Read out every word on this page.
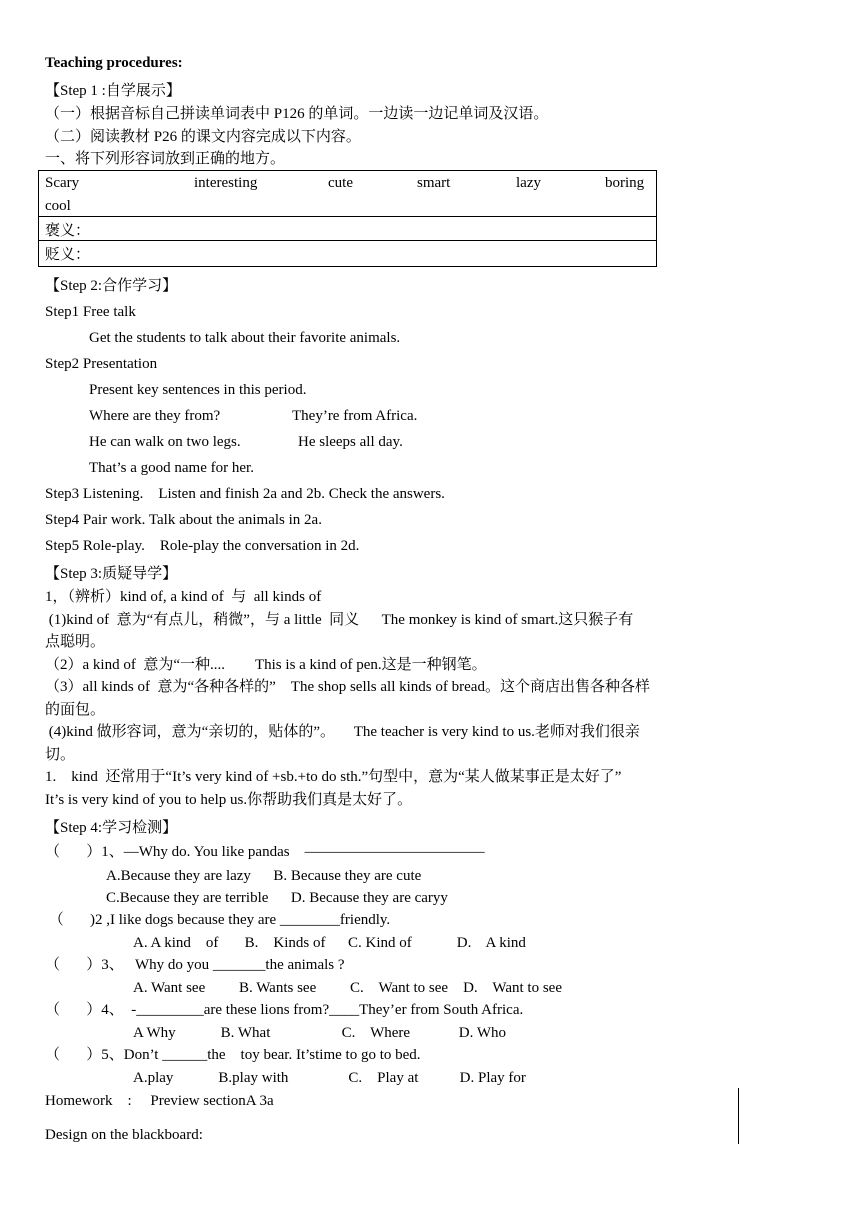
Teaching procedures:
【Step 1 :自学展示】
（一）根据音标自己拼读单词表中 P126 的单词。一边读一边记单词及汉语。
（二）阅读教材 P26 的课文内容完成以下内容。
一、将下列形容词放到正确的地方。
Scary	interesting	cute	smart	lazy	boring
cool
褒义：
贬义：
【Step 2:合作学习】
Step1 Free talk
Get the students to talk about their favorite animals.
Step2 Presentation
Present key sentences in this period.
Where are they from?	They’re from Africa.
He can walk on two legs.	He sleeps all day.
That’s a good name for her.
Step3 Listening.    Listen and finish 2a and 2b. Check the answers.
Step4 Pair work. Talk about the animals in 2a.
Step5 Role-play.    Role-play the conversation in 2d.
【Step 3:质疑导学】
1，（辨析）kind of, a kind of  与  all kinds of
(1)kind of  意为“有点儿，稍微”，与 a little  同义      The monkey is kind of smart.这只猴子有
点聪明。
（2）a kind of  意为“一种....        This is a kind of pen.这是一种钢笔。
（3）all kinds of  意为“各种各样的”    The shop sells all kinds of bread。这个商店出售各种各样
的面包。
(4)kind 做形容词，意为“亲切的，贴体的”。     The teacher is very kind to us.老师对我们很亲
切。
1.    kind  还常用于“It’s very kind of +sb.+to do sth.”句型中，意为“某人做某事正是太好了”
It’s is very kind of you to help us.你帮助我们真是太好了。
【Step 4:学习检测】
（       ）1、—Why do. You like pandas    ————————————
A.Because they are lazy      B. Because they are cute
C.Because they are terrible      D. Because they are caryy
（       )2 ,I like dogs because they are ________friendly.
A. A kind    of       B.    Kinds of      C. Kind of            D.    A kind
（       ）3、   Why do you _______the animals ?
A. Want see         B. Wants see         C.    Want to see    D.    Want to see
（       ）4、  -_________are these lions from?____They’er from South Africa.
A Why            B. What                   C.    Where             D. Who
（       ）5、Don’t ______the    toy bear. It’stime to go to bed.
A.play            B.play with                C.    Play at           D. Play for
Homework    :     Preview sectionA 3a
Design on the blackboard:
